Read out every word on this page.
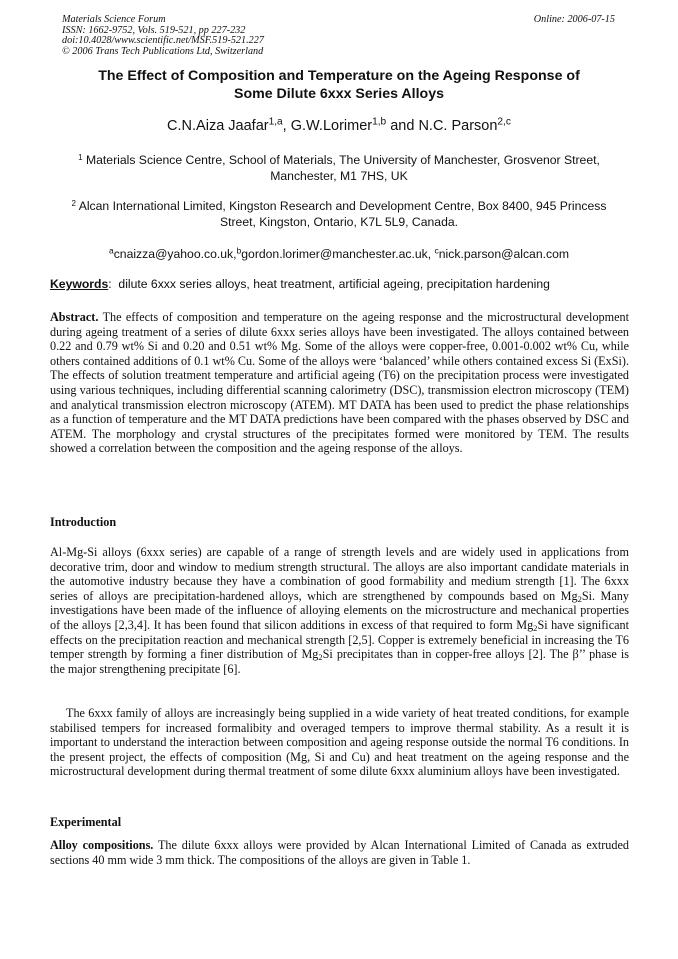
Materials Science Forum
ISSN: 1662-9752, Vols. 519-521, pp 227-232
doi:10.4028/www.scientific.net/MSF.519-521.227
© 2006 Trans Tech Publications Ltd, Switzerland
Online: 2006-07-15
The Effect of Composition and Temperature on the Ageing Response of
Some Dilute 6xxx Series Alloys
C.N.Aiza Jaafar$^{1,a}$, G.W.Lorimer$^{1,b}$ and N.C. Parson$^{2,c}$
$^1$ Materials Science Centre, School of Materials, The University of Manchester, Grosvenor Street, Manchester, M1 7HS, UK
$^2$ Alcan International Limited, Kingston Research and Development Centre, Box 8400, 945 Princess Street, Kingston, Ontario, K7L 5L9, Canada.
$^a$cnaizza@yahoo.co.uk,$^b$gordon.lorimer@manchester.ac.uk, $^c$nick.parson@alcan.com
Keywords:  dilute 6xxx series alloys, heat treatment, artificial ageing, precipitation hardening
Abstract. The effects of composition and temperature on the ageing response and the microstructural development during ageing treatment of a series of dilute 6xxx series alloys have been investigated. The alloys contained between 0.22 and 0.79 wt% Si and 0.20 and 0.51 wt% Mg. Some of the alloys were copper-free, 0.001-0.002 wt% Cu, while others contained additions of 0.1 wt% Cu. Some of the alloys were ‘balanced’ while others contained excess Si (ExSi). The effects of solution treatment temperature and artificial ageing (T6) on the precipitation process were investigated using various techniques, including differential scanning calorimetry (DSC), transmission electron microscopy (TEM) and analytical transmission electron microscopy (ATEM). MT DATA has been used to predict the phase relationships as a function of temperature and the MT DATA predictions have been compared with the phases observed by DSC and ATEM. The morphology and crystal structures of the precipitates formed were monitored by TEM. The results showed a correlation between the composition and the ageing response of the alloys.
Introduction
Al-Mg-Si alloys (6xxx series) are capable of a range of strength levels and are widely used in applications from decorative trim, door and window to medium strength structural. The alloys are also important candidate materials in the automotive industry because they have a combination of good formability and medium strength [1]. The 6xxx series of alloys are precipitation-hardened alloys, which are strengthened by compounds based on $Mg_2Si$. Many investigations have been made of the influence of alloying elements on the microstructure and mechanical properties of the alloys [2,3,4]. It has been found that silicon additions in excess of that required to form $Mg_2Si$ have significant effects on the precipitation reaction and mechanical strength [2,5]. Copper is extremely beneficial in increasing the T6 temper strength by forming a finer distribution of $Mg_2Si$ precipitates than in copper-free alloys [2]. The β’’ phase is the major strengthening precipitate [6].
The 6xxx family of alloys are increasingly being supplied in a wide variety of heat treated conditions, for example stabilised tempers for increased formalibity and overaged tempers to improve thermal stability. As a result it is important to understand the interaction between composition and ageing response outside the normal T6 conditions. In the present project, the effects of composition (Mg, Si and Cu) and heat treatment on the ageing response and the microstructural development during thermal treatment of some dilute 6xxx aluminium alloys have been investigated.
Experimental
Alloy compositions. The dilute 6xxx alloys were provided by Alcan International Limited of Canada as extruded sections 40 mm wide 3 mm thick. The compositions of the alloys are given in Table 1.
